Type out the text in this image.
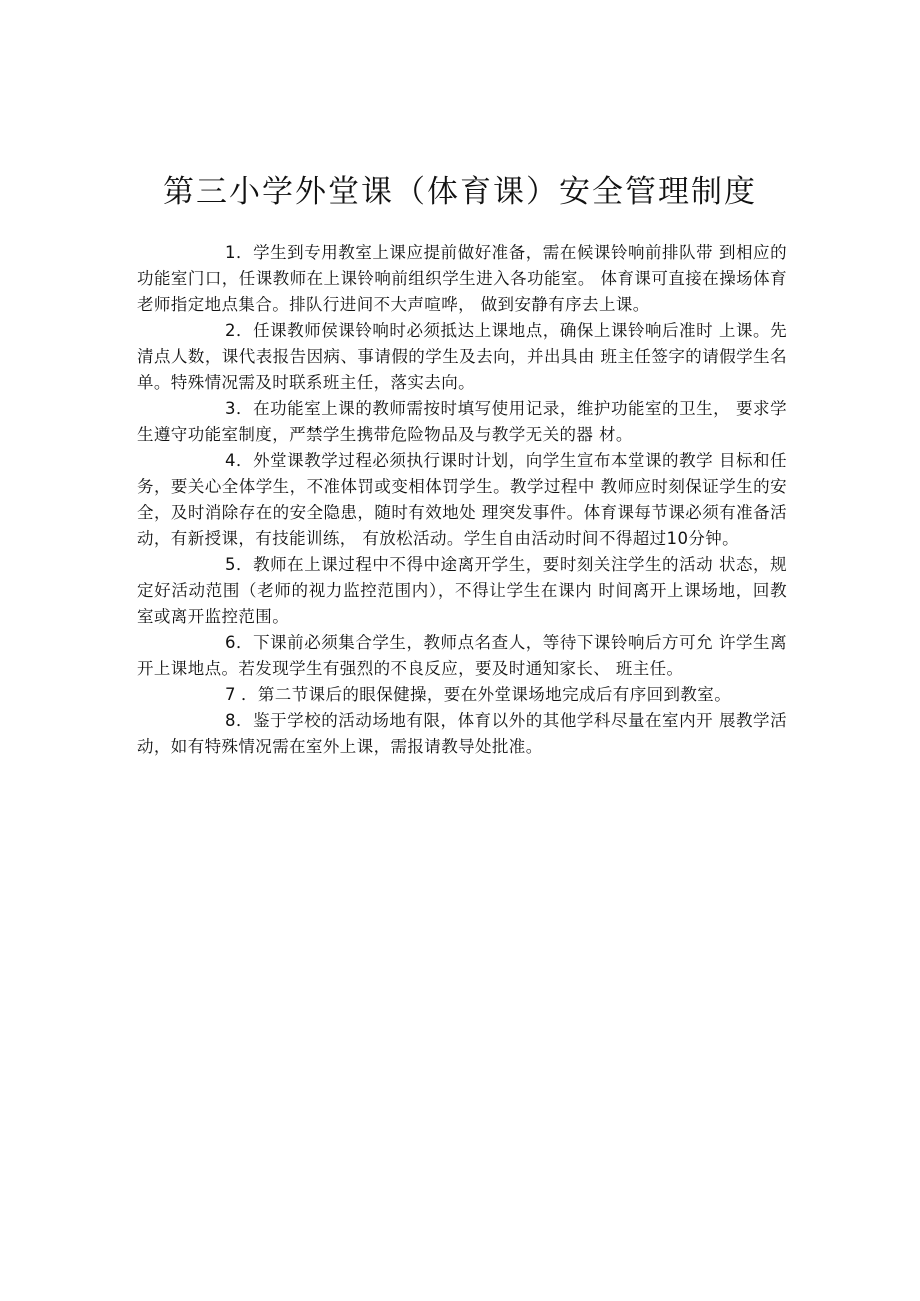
第三小学外堂课（体育课）安全管理制度

1．学生到专用教室上课应提前做好准备，需在候课铃响前排队带 到相应的功能室门口，任课教师在上课铃响前组织学生进入各功能室。 体育课可直接在操场体育老师指定地点集合。排队行进间不大声喧哗， 做到安静有序去上课。

2．任课教师侯课铃响时必须抵达上课地点，确保上课铃响后准时 上课。先清点人数，课代表报告因病、事请假的学生及去向，并出具由 班主任签字的请假学生名单。特殊情况需及时联系班主任，落实去向。

3．在功能室上课的教师需按时填写使用记录，维护功能室的卫生， 要求学生遵守功能室制度，严禁学生携带危险物品及与教学无关的器 材。

4．外堂课教学过程必须执行课时计划，向学生宣布本堂课的教学 目标和任务，要关心全体学生，不准体罚或变相体罚学生。教学过程中 教师应时刻保证学生的安全，及时消除存在的安全隐患，随时有效地处 理突发事件。体育课每节课必须有准备活动，有新授课，有技能训练， 有放松活动。学生自由活动时间不得超过10分钟。

5．教师在上课过程中不得中途离开学生，要时刻关注学生的活动 状态，规定好活动范围（老师的视力监控范围内），不得让学生在课内 时间离开上课场地，回教室或离开监控范围。

6．下课前必须集合学生，教师点名查人，等待下课铃响后方可允 许学生离开上课地点。若发现学生有强烈的不良反应，要及时通知家长、 班主任。

7 ．第二节课后的眼保健操，要在外堂课场地完成后有序回到教室。

8．鉴于学校的活动场地有限，体育以外的其他学科尽量在室内开 展教学活动，如有特殊情况需在室外上课，需报请教导处批准。
